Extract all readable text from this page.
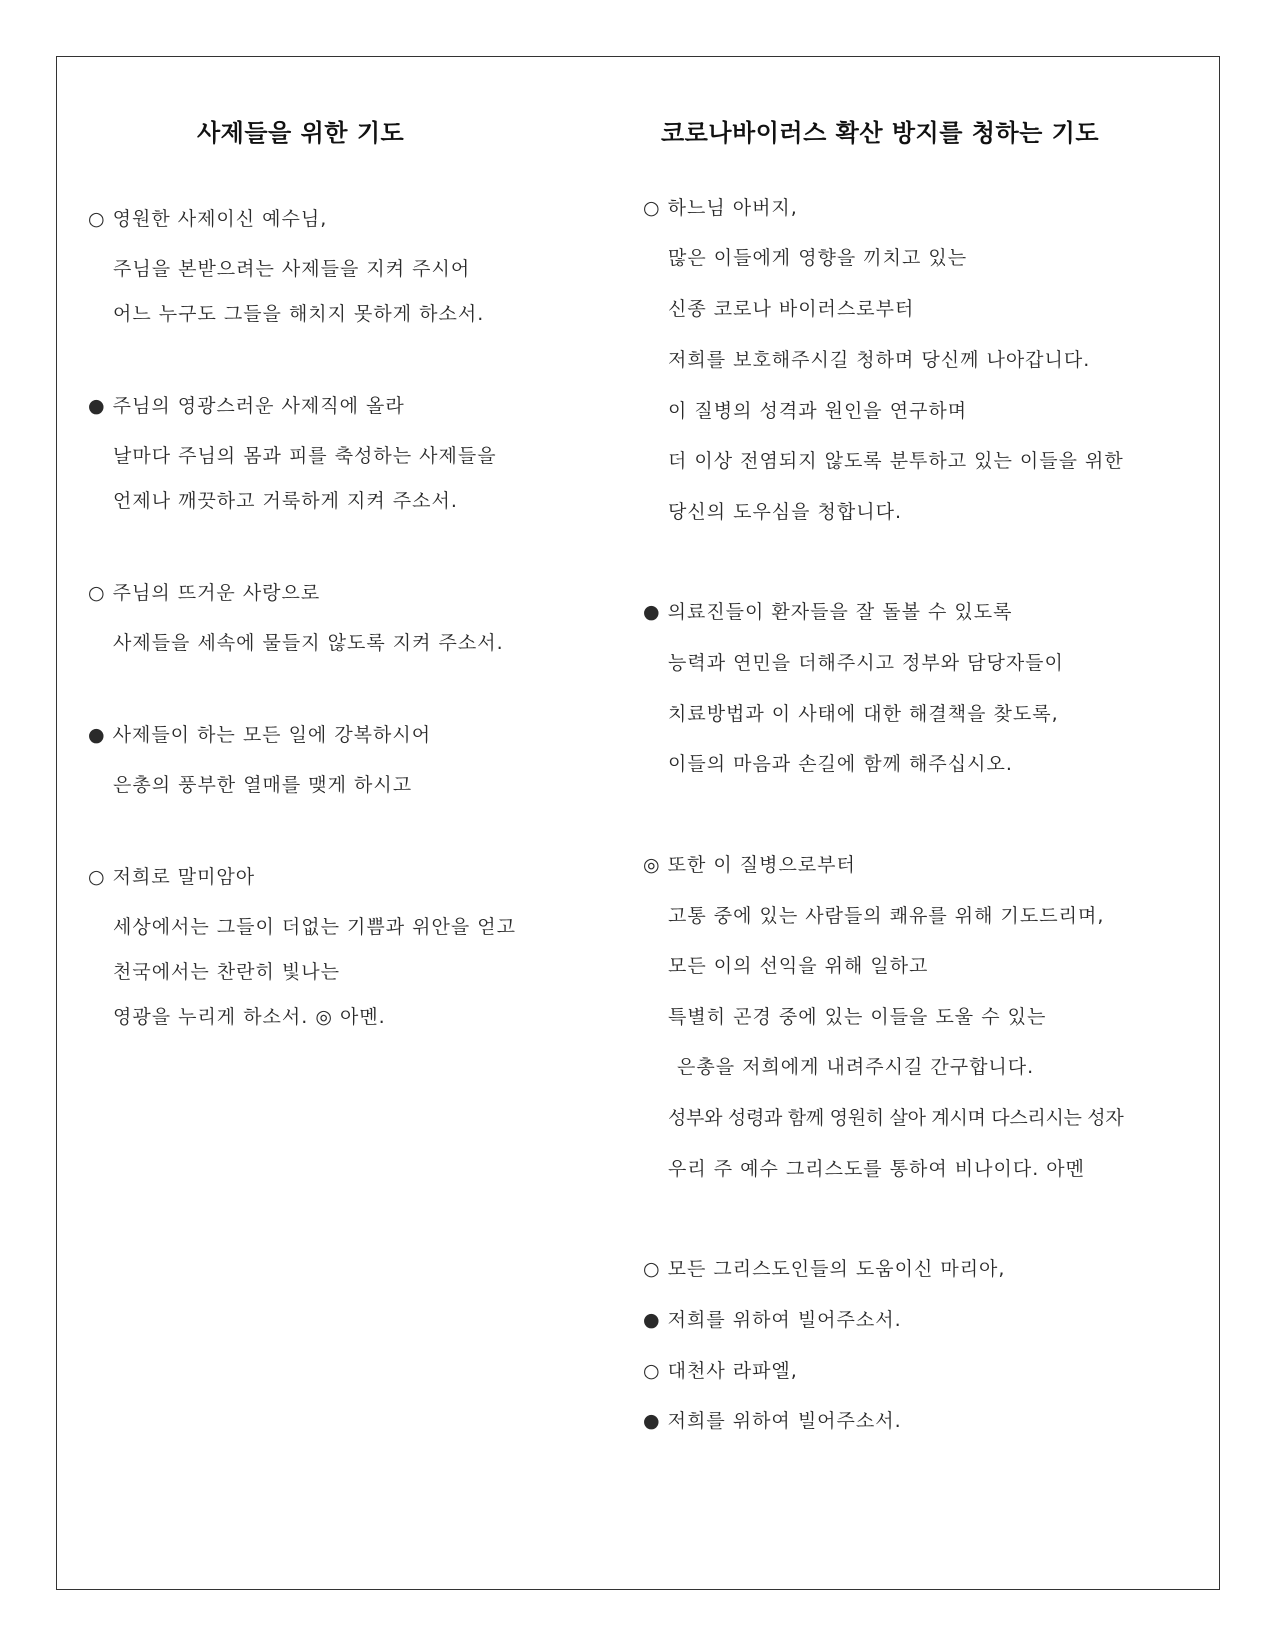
사제들을 위한 기도
○ 영원한 사제이신 예수님,
주님을 본받으려는 사제들을 지켜 주시어
어느 누구도 그들을 해치지 못하게 하소서.
● 주님의 영광스러운 사제직에 올라
날마다 주님의 몸과 피를 축성하는 사제들을
언제나 깨끗하고 거룩하게 지켜 주소서.
○ 주님의 뜨거운 사랑으로
사제들을 세속에 물들지 않도록 지켜 주소서.
● 사제들이 하는 모든 일에 강복하시어
은총의 풍부한 열매를 맺게 하시고
○ 저희로 말미암아
세상에서는 그들이 더없는 기쁨과 위안을 얻고
천국에서는 찬란히 빛나는
영광을 누리게 하소서. ◎ 아멘.
코로나바이러스 확산 방지를 청하는 기도
○ 하느님 아버지,
많은 이들에게 영향을 끼치고 있는
신종 코로나 바이러스로부터
저희를 보호해주시길 청하며 당신께 나아갑니다.
이 질병의 성격과 원인을 연구하며
더 이상 전염되지 않도록 분투하고 있는 이들을 위한
당신의 도우심을 청합니다.
● 의료진들이 환자들을 잘 돌볼 수 있도록
능력과 연민을 더해주시고 정부와 담당자들이
치료방법과 이 사태에 대한 해결책을 찾도록,
이들의 마음과 손길에 함께 해주십시오.
◎ 또한 이 질병으로부터
고통 중에 있는 사람들의 쾌유를 위해 기도드리며,
모든 이의 선익을 위해 일하고
특별히 곤경 중에 있는 이들을 도울 수 있는
은총을 저희에게 내려주시길 간구합니다.
성부와 성령과 함께 영원히 살아 계시며 다스리시는 성자
우리 주 예수 그리스도를 통하여 비나이다. 아멘
○ 모든 그리스도인들의 도움이신 마리아,
● 저희를 위하여 빌어주소서.
○ 대천사 라파엘,
● 저희를 위하여 빌어주소서.
